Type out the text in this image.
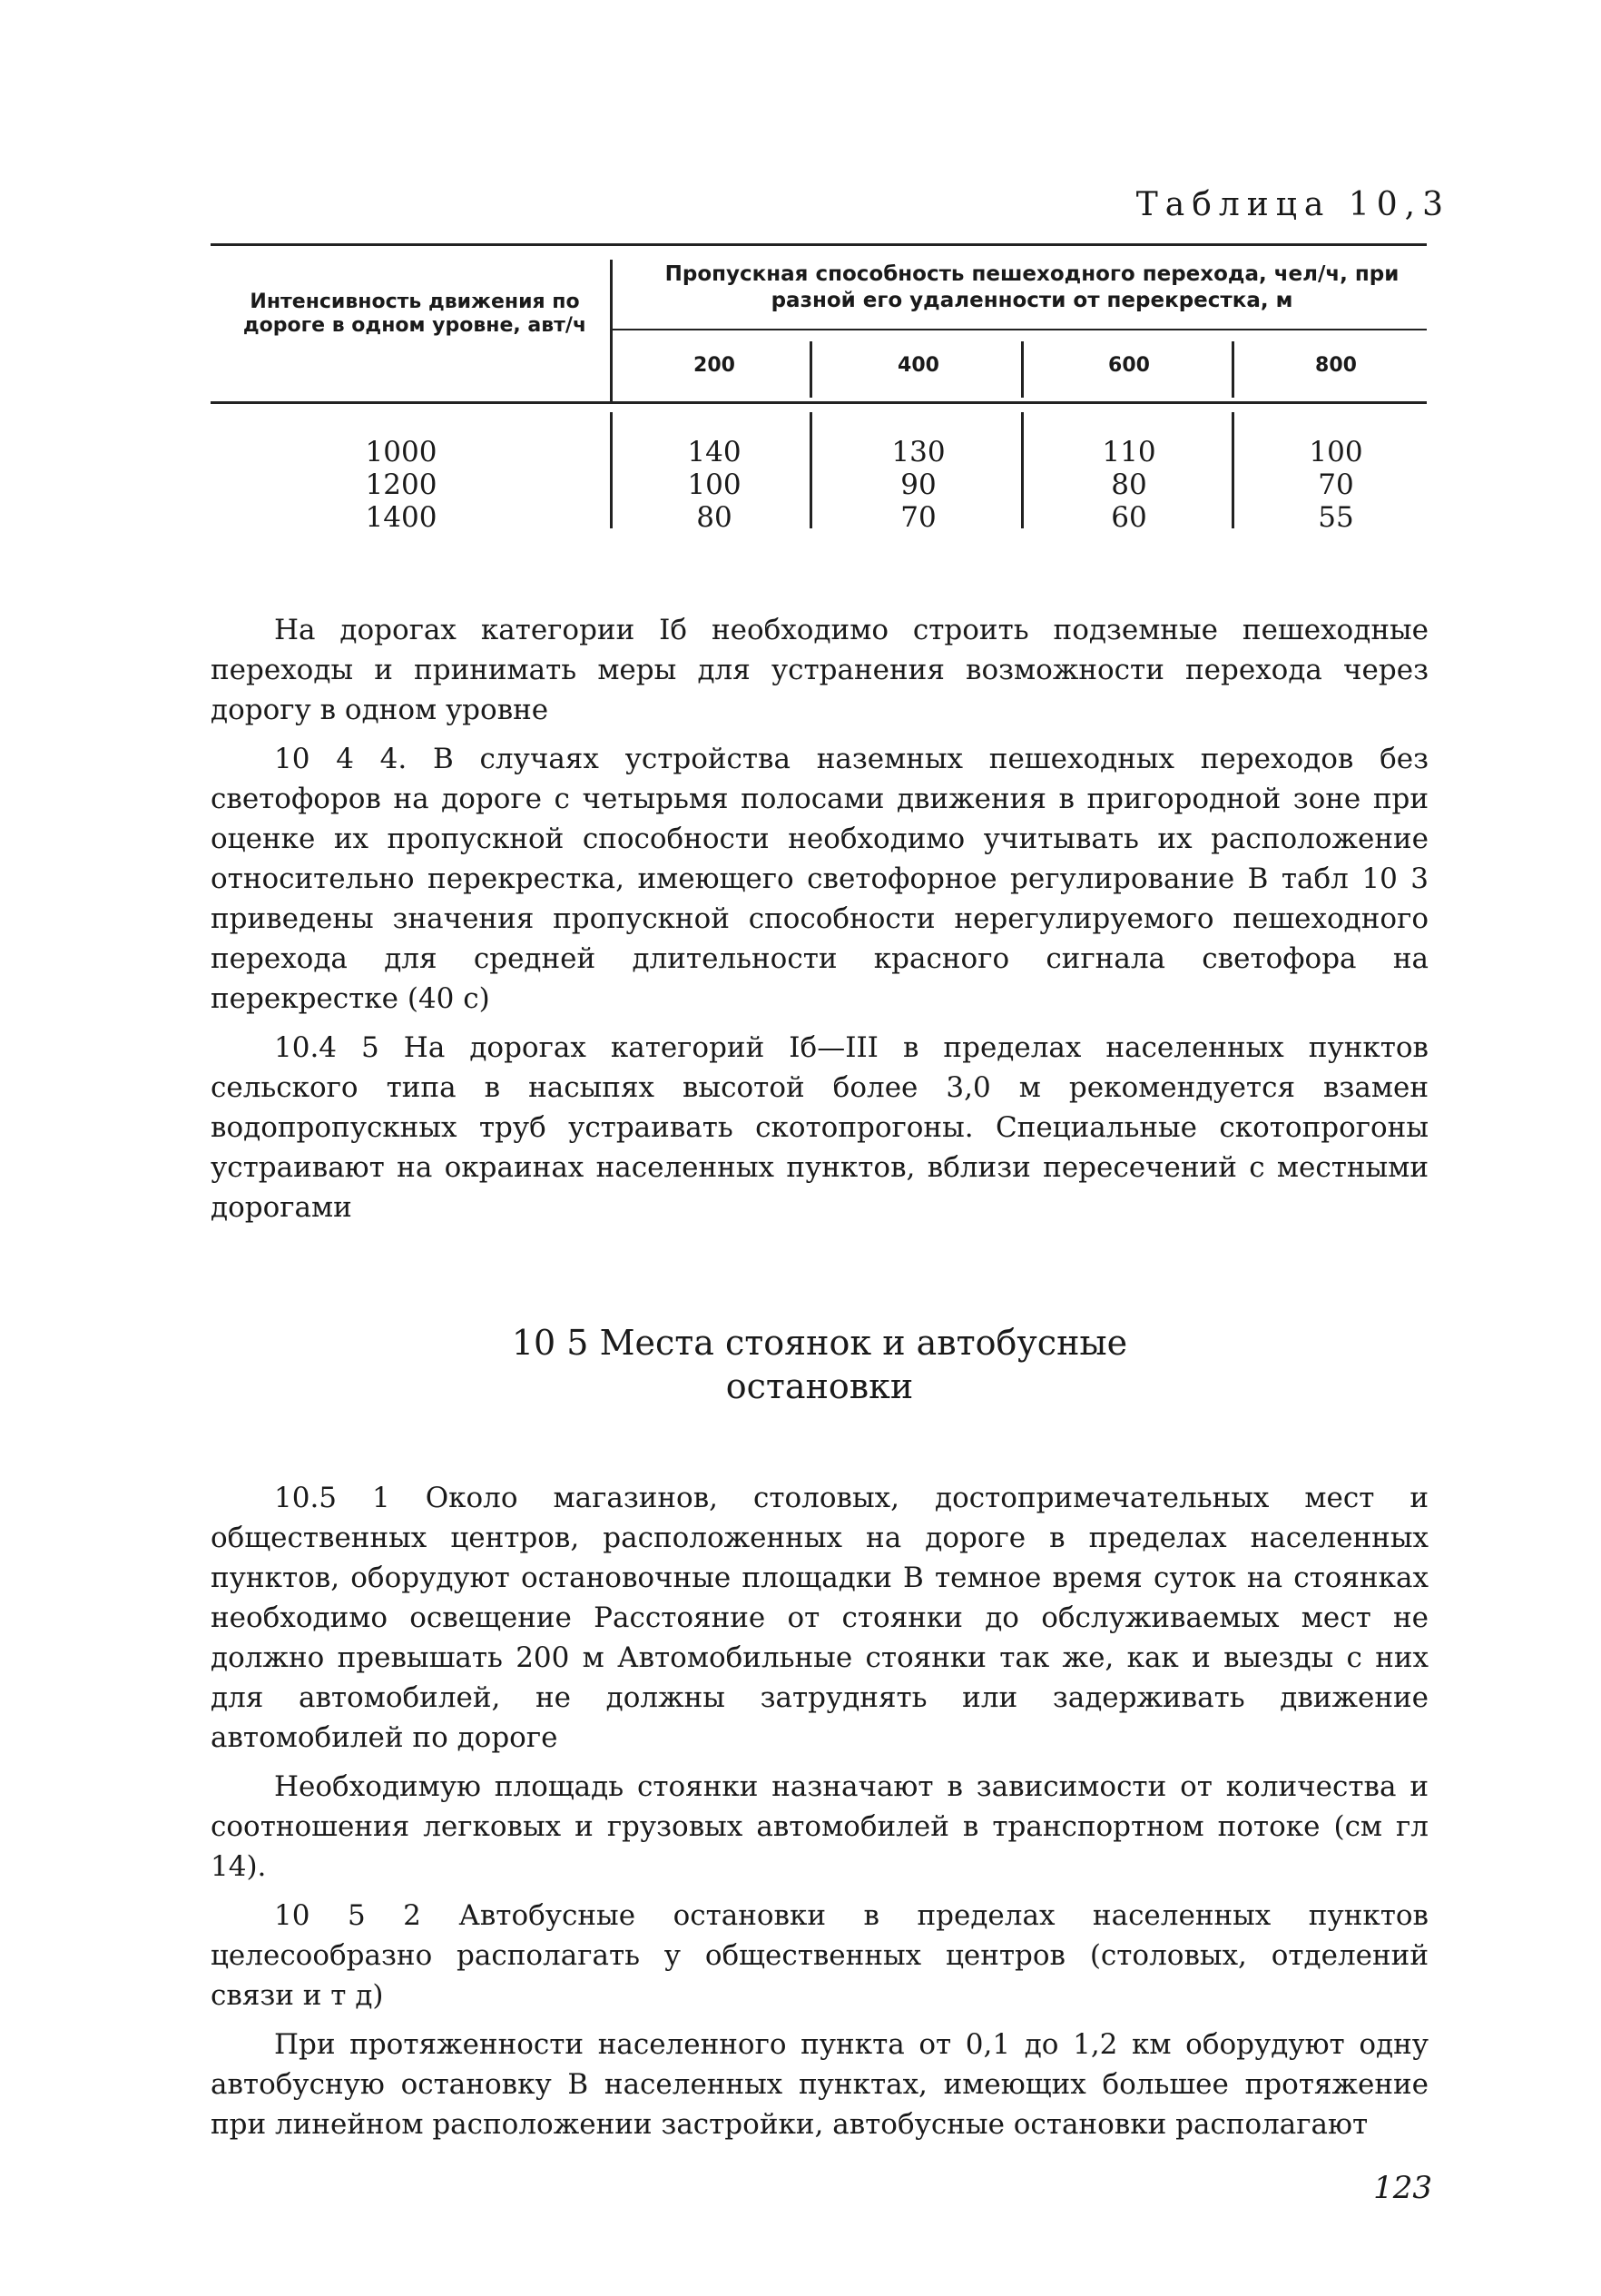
Таблица 10,3
Интенсивность движения по дороге в одном уровне, авт/ч
Пропускная способность пешеходного перехода, чел/ч, при разной его удаленности от перекрестка, м
200	400	600	800
1000	140	130	110	100
1200	100	90	80	70
1400	80	70	60	55

На дорогах категории Iб необходимо строить подземные пешеходные переходы и принимать меры для устранения возможности перехода через дорогу в одном уровне

10 4 4. В случаях устройства наземных пешеходных переходов без светофоров на дороге с четырьмя полосами движения в пригородной зоне при оценке их пропускной способности необходимо учитывать их расположение относительно перекрестка, имеющего светофорное регулирование В табл 10 3 приведены значения пропускной способности нерегулируемого пешеходного перехода для средней длительности красного сигнала светофора на перекрестке (40 с)

10.4 5 На дорогах категорий Iб—III в пределах населенных пунктов сельского типа в насыпях высотой более 3,0 м рекомендуется взамен водопропускных труб устраивать скотопрогоны. Специальные скотопрогоны устраивают на окраинах населенных пунктов, вблизи пересечений с местными дорогами

10 5 Места стоянок и автобусные
остановки

10.5 1 Около магазинов, столовых, достопримечательных мест и общественных центров, расположенных на дороге в пределах населенных пунктов, оборудуют остановочные площадки В темное время суток на стоянках необходимо освещение Расстояние от стоянки до обслуживаемых мест не должно превышать 200 м Автомобильные стоянки так же, как и выезды с них для автомобилей, не должны затруднять или задерживать движение автомобилей по дороге

Необходимую площадь стоянки назначают в зависимости от количества и соотношения легковых и грузовых автомобилей в транспортном потоке (см гл 14).

10 5 2 Автобусные остановки в пределах населенных пунктов целесообразно располагать у общественных центров (столовых, отделений связи и т д)

При протяженности населенного пункта от 0,1 до 1,2 км оборудуют одну автобусную остановку В населенных пунктах, имеющих большее протяжение при линейном расположении застройки, автобусные остановки располагают

123
